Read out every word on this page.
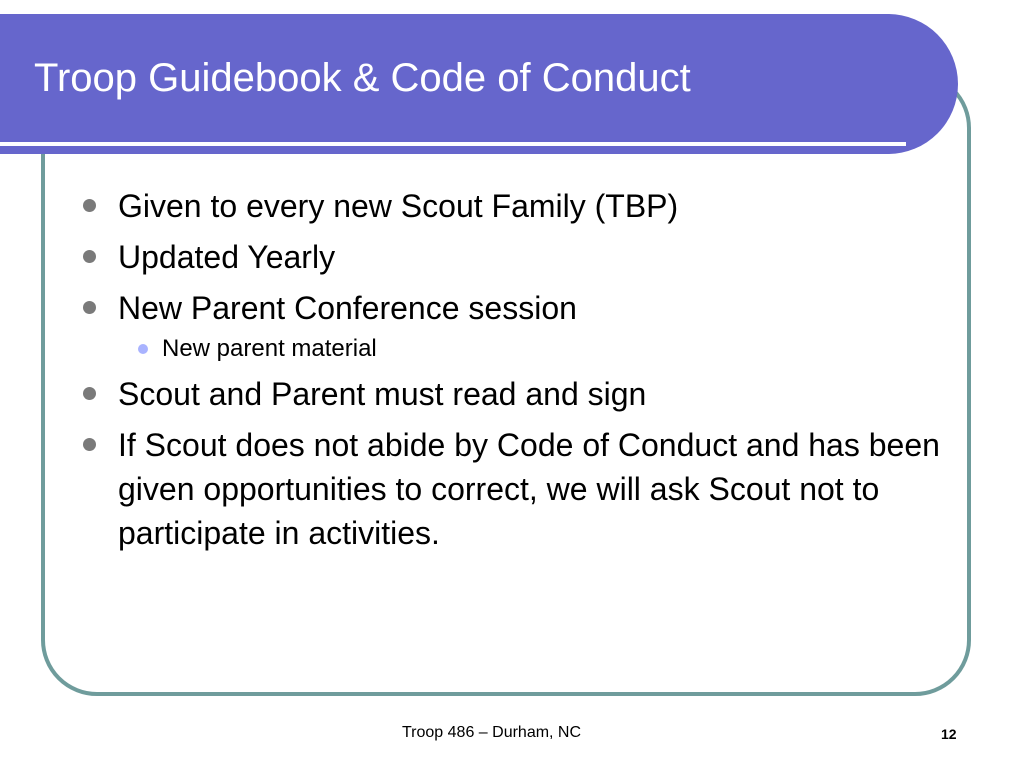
Troop Guidebook & Code of Conduct
Given to every new Scout Family (TBP)
Updated Yearly
New Parent Conference session
New parent material
Scout and Parent must read and sign
If Scout does not abide by Code of Conduct and has been given opportunities to correct, we will ask Scout not to participate in activities.
Troop 486 – Durham, NC	12
